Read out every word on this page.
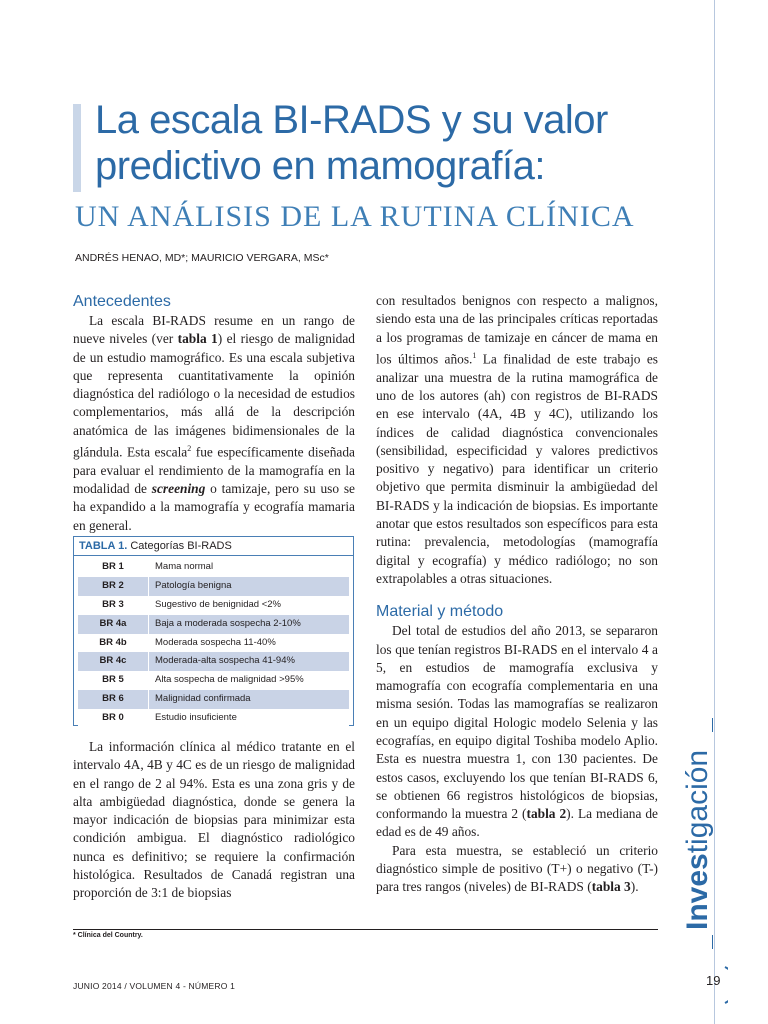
Investigación
La escala BI-RADS y su valor
predictivo en mamografía:
UN ANÁLISIS DE LA RUTINA CLÍNICA
ANDRÉS HENAO, MD*; MAURICIO VERGARA, MSc*
Antecedentes

La escala BI-RADS resume en un rango de nueve niveles (ver tabla 1) el riesgo de malignidad de un estudio mamográfico. Es una escala subjetiva que representa cuantitativamente la opinión diagnóstica del radiólogo o la necesidad de estudios complementarios, más allá de la descripción anatómica de las imágenes bidimensionales de la glándula. Esta escala$^2$ fue específicamente diseñada para evaluar el rendimiento de la mamografía en la modalidad de screening o tamizaje, pero su uso se ha expandido a la mamografía y ecografía mamaria en general.

TABLA 1. Categorías BI-RADS
BR 1	Mama normal
BR 2	Patología benigna
BR 3	Sugestivo de benignidad <2%
BR 4a	Baja a moderada sospecha 2-10%
BR 4b	Moderada sospecha 11-40%
BR 4c	Moderada-alta sospecha 41-94%
BR 5	Alta sospecha de malignidad >95%
BR 6	Malignidad confirmada
BR 0	Estudio insuficiente

La información clínica al médico tratante en el intervalo 4A, 4B y 4C es de un riesgo de malignidad en el rango de 2 al 94%. Esta es una zona gris y de alta ambigüedad diagnóstica, donde se genera la mayor indicación de biopsias para minimizar esta condición ambigua. El diagnóstico radiológico nunca es definitivo; se requiere la confirmación histológica. Resultados de Canadá registran una proporción de 3:1 de biopsias

con resultados benignos con respecto a malignos, siendo esta una de las principales críticas reportadas a los programas de tamizaje en cáncer de mama en los últimos años.$^1$ La finalidad de este trabajo es analizar una muestra de la rutina mamográfica de uno de los autores (ah) con registros de BI-RADS en ese intervalo (4A, 4B y 4C), utilizando los índices de calidad diagnóstica convencionales (sensibilidad, especificidad y valores predictivos positivo y negativo) para identificar un criterio objetivo que permita disminuir la ambigüedad del BI-RADS y la indicación de biopsias. Es importante anotar que estos resultados son específicos para esta rutina: prevalencia, metodologías (mamografía digital y ecografía) y médico radiólogo; no son extrapolables a otras situaciones.

Material y método

Del total de estudios del año 2013, se separaron los que tenían registros BI-RADS en el intervalo 4 a 5, en estudios de mamografía exclusiva y mamografía con ecografía complementaria en una misma sesión. Todas las mamografías se realizaron en un equipo digital Hologic modelo Selenia y las ecografías, en equipo digital Toshiba modelo Aplio. Esta es nuestra muestra 1, con 130 pacientes. De estos casos, excluyendo los que tenían BI-RADS 6, se obtienen 66 registros histológicos de biopsias, conformando la muestra 2 (tabla 2). La mediana de edad es de 49 años.

Para esta muestra, se estableció un criterio diagnóstico simple de positivo (T+) o negativo (T-) para tres rangos (niveles) de BI-RADS (tabla 3).

* Clínica del Country.
JUNIO 2014 / VOLUMEN 4 - NÚMERO 1	19
